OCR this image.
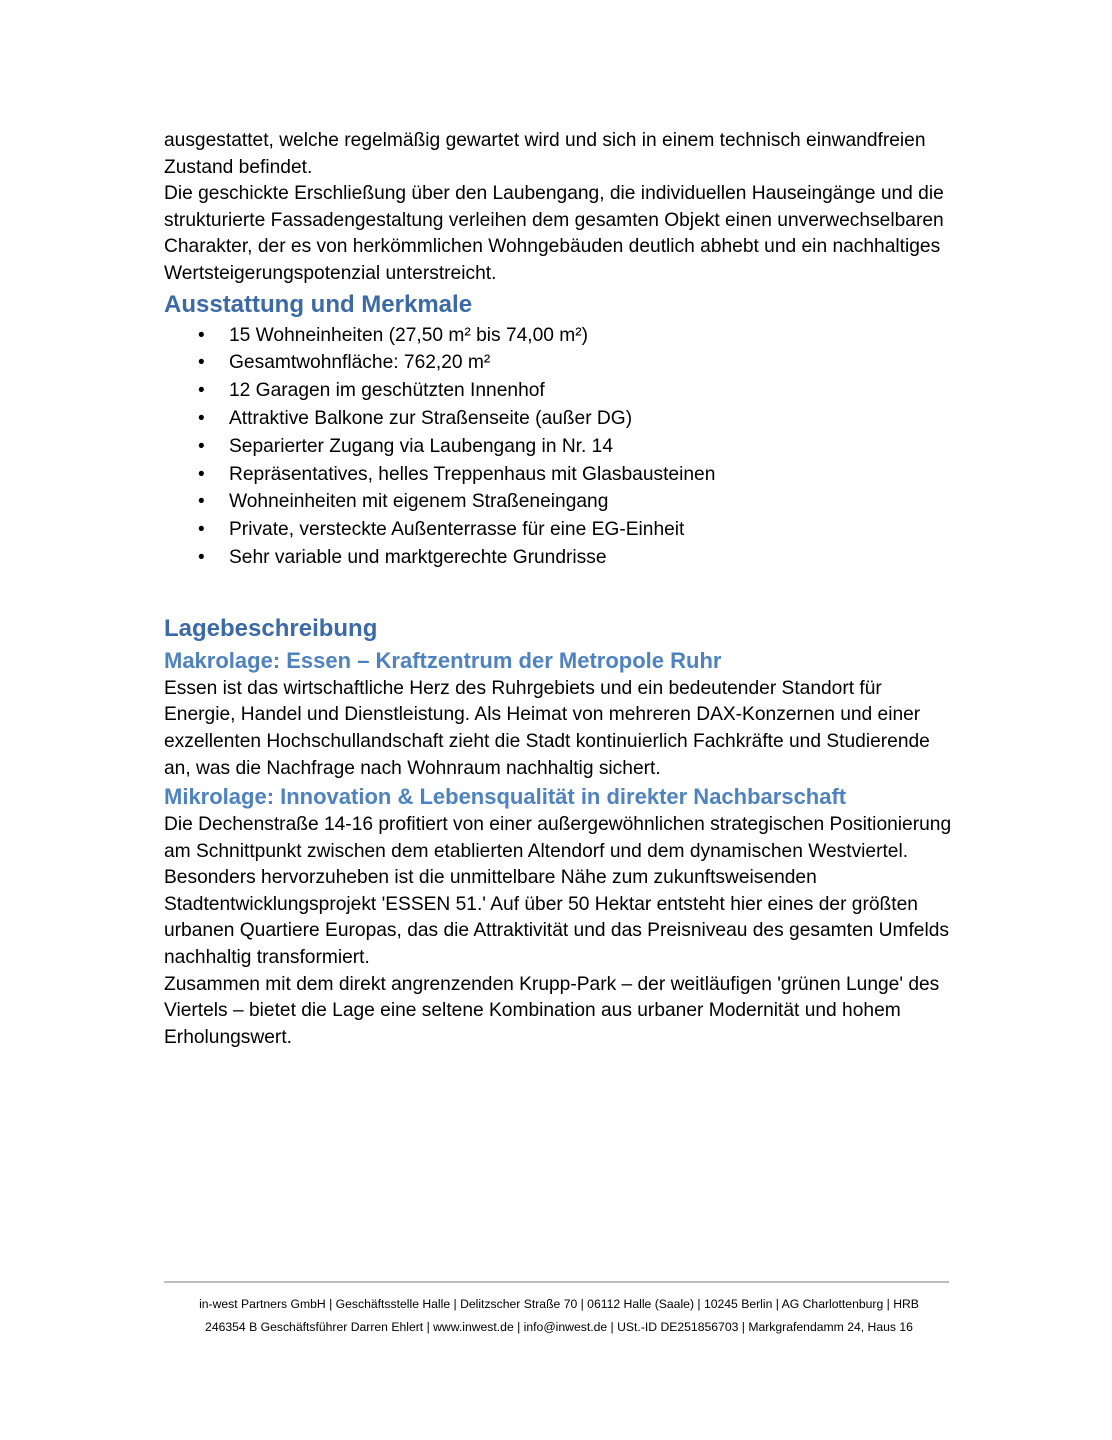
ausgestattet, welche regelmäßig gewartet wird und sich in einem technisch einwandfreien Zustand befindet.

Die geschickte Erschließung über den Laubengang, die individuellen Hauseingänge und die strukturierte Fassadengestaltung verleihen dem gesamten Objekt einen unverwechselbaren Charakter, der es von herkömmlichen Wohngebäuden deutlich abhebt und ein nachhaltiges Wertsteigerungspotenzial unterstreicht.

Ausstattung und Merkmale
• 15 Wohneinheiten (27,50 m² bis 74,00 m²)
• Gesamtwohnfläche: 762,20 m²
• 12 Garagen im geschützten Innenhof
• Attraktive Balkone zur Straßenseite (außer DG)
• Separierter Zugang via Laubengang in Nr. 14
• Repräsentatives, helles Treppenhaus mit Glasbausteinen
• Wohneinheiten mit eigenem Straßeneingang
• Private, versteckte Außenterrasse für eine EG-Einheit
• Sehr variable und marktgerechte Grundrisse
Lagebeschreibung
Makrolage: Essen – Kraftzentrum der Metropole Ruhr

Essen ist das wirtschaftliche Herz des Ruhrgebiets und ein bedeutender Standort für Energie, Handel und Dienstleistung. Als Heimat von mehreren DAX-Konzernen und einer exzellenten Hochschullandschaft zieht die Stadt kontinuierlich Fachkräfte und Studierende an, was die Nachfrage nach Wohnraum nachhaltig sichert.

Mikrolage: Innovation & Lebensqualität in direkter Nachbarschaft

Die Dechenstraße 14-16 profitiert von einer außergewöhnlichen strategischen Positionierung am Schnittpunkt zwischen dem etablierten Altendorf und dem dynamischen Westviertel. Besonders hervorzuheben ist die unmittelbare Nähe zum zukunftsweisenden Stadtentwicklungsprojekt 'ESSEN 51.' Auf über 50 Hektar entsteht hier eines der größten urbanen Quartiere Europas, das die Attraktivität und das Preisniveau des gesamten Umfelds nachhaltig transformiert.

Zusammen mit dem direkt angrenzenden Krupp-Park – der weitläufigen 'grünen Lunge' des Viertels – bietet die Lage eine seltene Kombination aus urbaner Modernität und hohem Erholungswert.

in-west Partners GmbH | Geschäftsstelle Halle | Delitzscher Straße 70 | 06112 Halle (Saale) | 10245 Berlin | AG Charlottenburg | HRB
246354 B Geschäftsführer Darren Ehlert | www.inwest.de | info@inwest.de | USt.-ID DE251856703 | Markgrafendamm 24, Haus 16
